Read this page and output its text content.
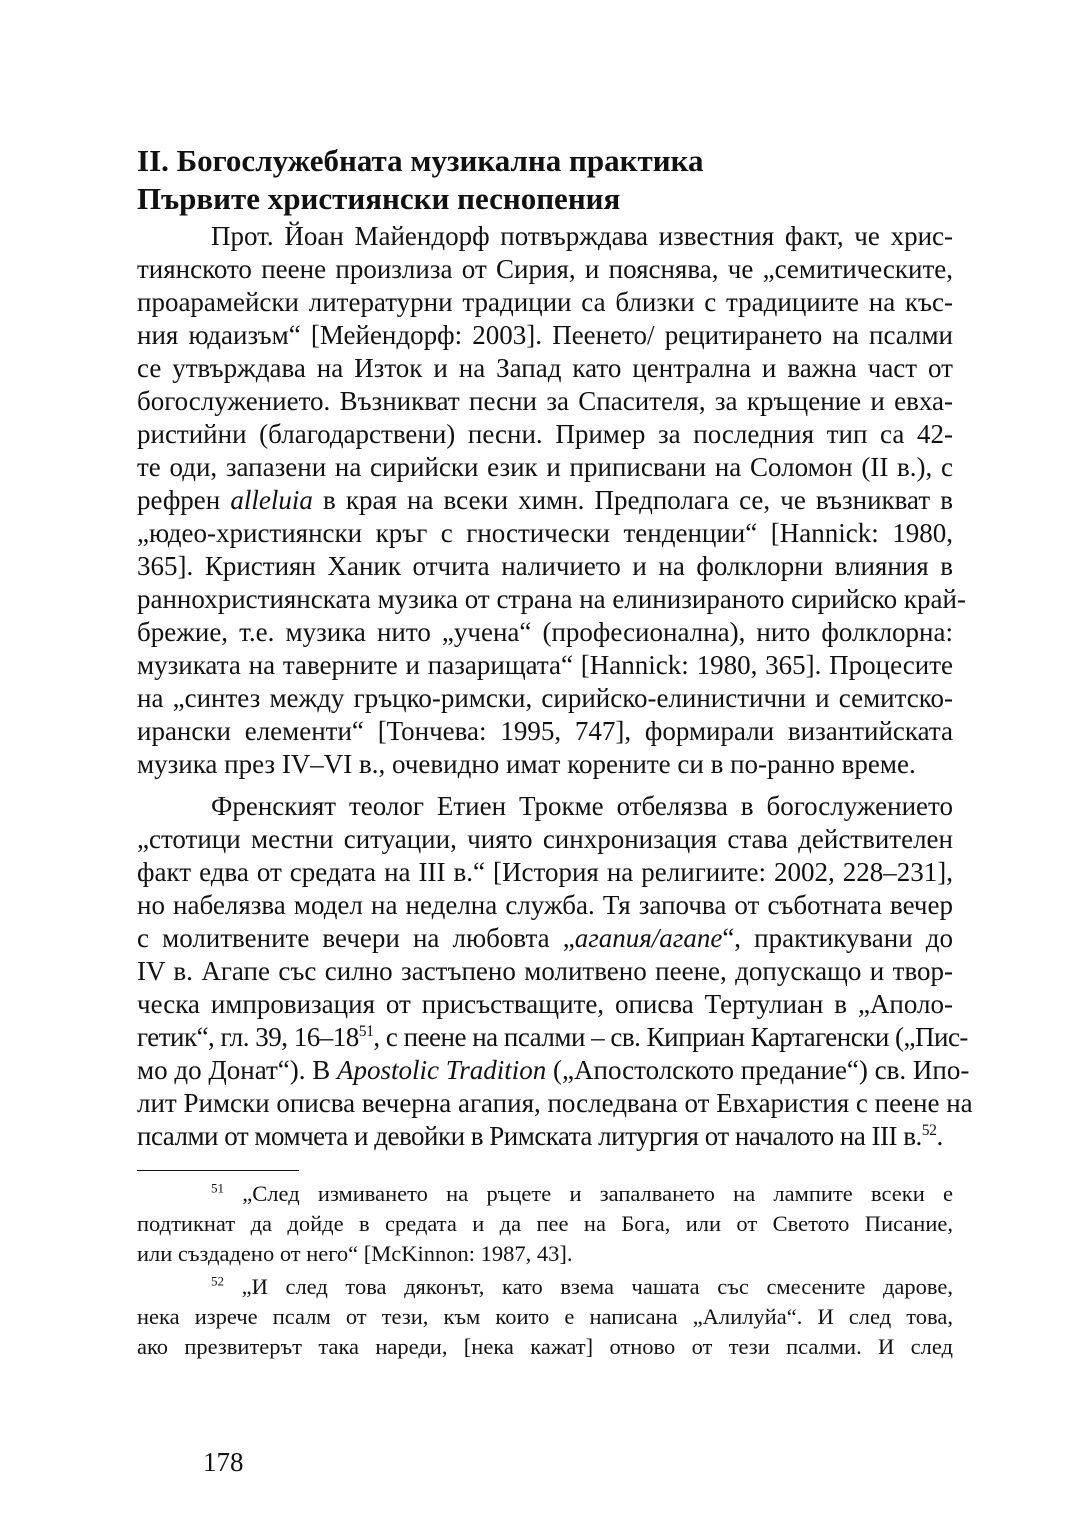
II. Богослужебната музикална практика
Първите християнски песнопения
Прот. Йоан Майендорф потвърждава известния факт, че хрис-
тиянското пеене произлиза от Сирия, и пояснява, че „семитическите,
проарамейски литературни традиции са близки с традициите на къс-
ния юдаизъм“ [Мейендорф: 2003]. Пеенето/ рецитирането на псалми
се утвърждава на Изток и на Запад като централна и важна част от
богослужението. Възникват песни за Спасителя, за кръщение и евха-
ристийни (благодарствени) песни. Пример за последния тип са 42-
те оди, запазени на сирийски език и приписвани на Соломон (II в.), с
рефрен alleluia в края на всеки химн. Предполага се, че възникват в
„юдео-християнски кръг с гностически тенденции“ [Hannick: 1980,
365]. Кристиян Ханик отчита наличието и на фолклорни влияния в
раннохристиянската музика от страна на елинизираното сирийско край-
брежие, т.е. музика нито „учена“ (професионална), нито фолклорна:
музиката на таверните и пазарищата“ [Hannick: 1980, 365]. Процесите
на „синтез между гръцко-римски, сирийско-елинистични и семитско-
ирански елементи“ [Тончева: 1995, 747], формирали византийската
музика през IV–VI в., очевидно имат корените си в по-ранно време.
Френският теолог Етиен Трокме отбелязва в богослужението
„стотици местни ситуации, чиято синхронизация става действителен
факт едва от средата на III в.“ [История на религиите: 2002, 228–231],
но набелязва модел на неделна служба. Тя започва от съботната вечер
с молитвените вечери на любовта „агапия/агапе“, практикувани до
IV в. Агапе със силно застъпено молитвено пеене, допускащо и твор-
ческа импровизация от присъстващите, описва Тертулиан в „Аполо-
гетик“, гл. 39, $16-18^{51}$, с пеене на псалми – св. Киприан Картагенски („Пис-
мо до Донат“). В Apostolic Tradition („Апостолското предание“) св. Ипо-
лит Римски описва вечерна агапия, последвана от Евхаристия с пеене на
псалми от момчета и девойки в Римската литургия от началото на III в.$^{52}$.
$^{51}$ „След измиването на ръцете и запалването на лампите всеки е
подтикнат да дойде в средата и да пее на Бога, или от Светото Писание,
или създадено от него“ [McKinnon: 1987, 43].
$^{52}$ „И след това дяконът, като взема чашата със смесените дарове,
нека изрече псалм от тези, към които е написана „Алилуйа“. И след това,
ако презвитерът така нареди, [нека кажат] отново от тези псалми. И след
178
